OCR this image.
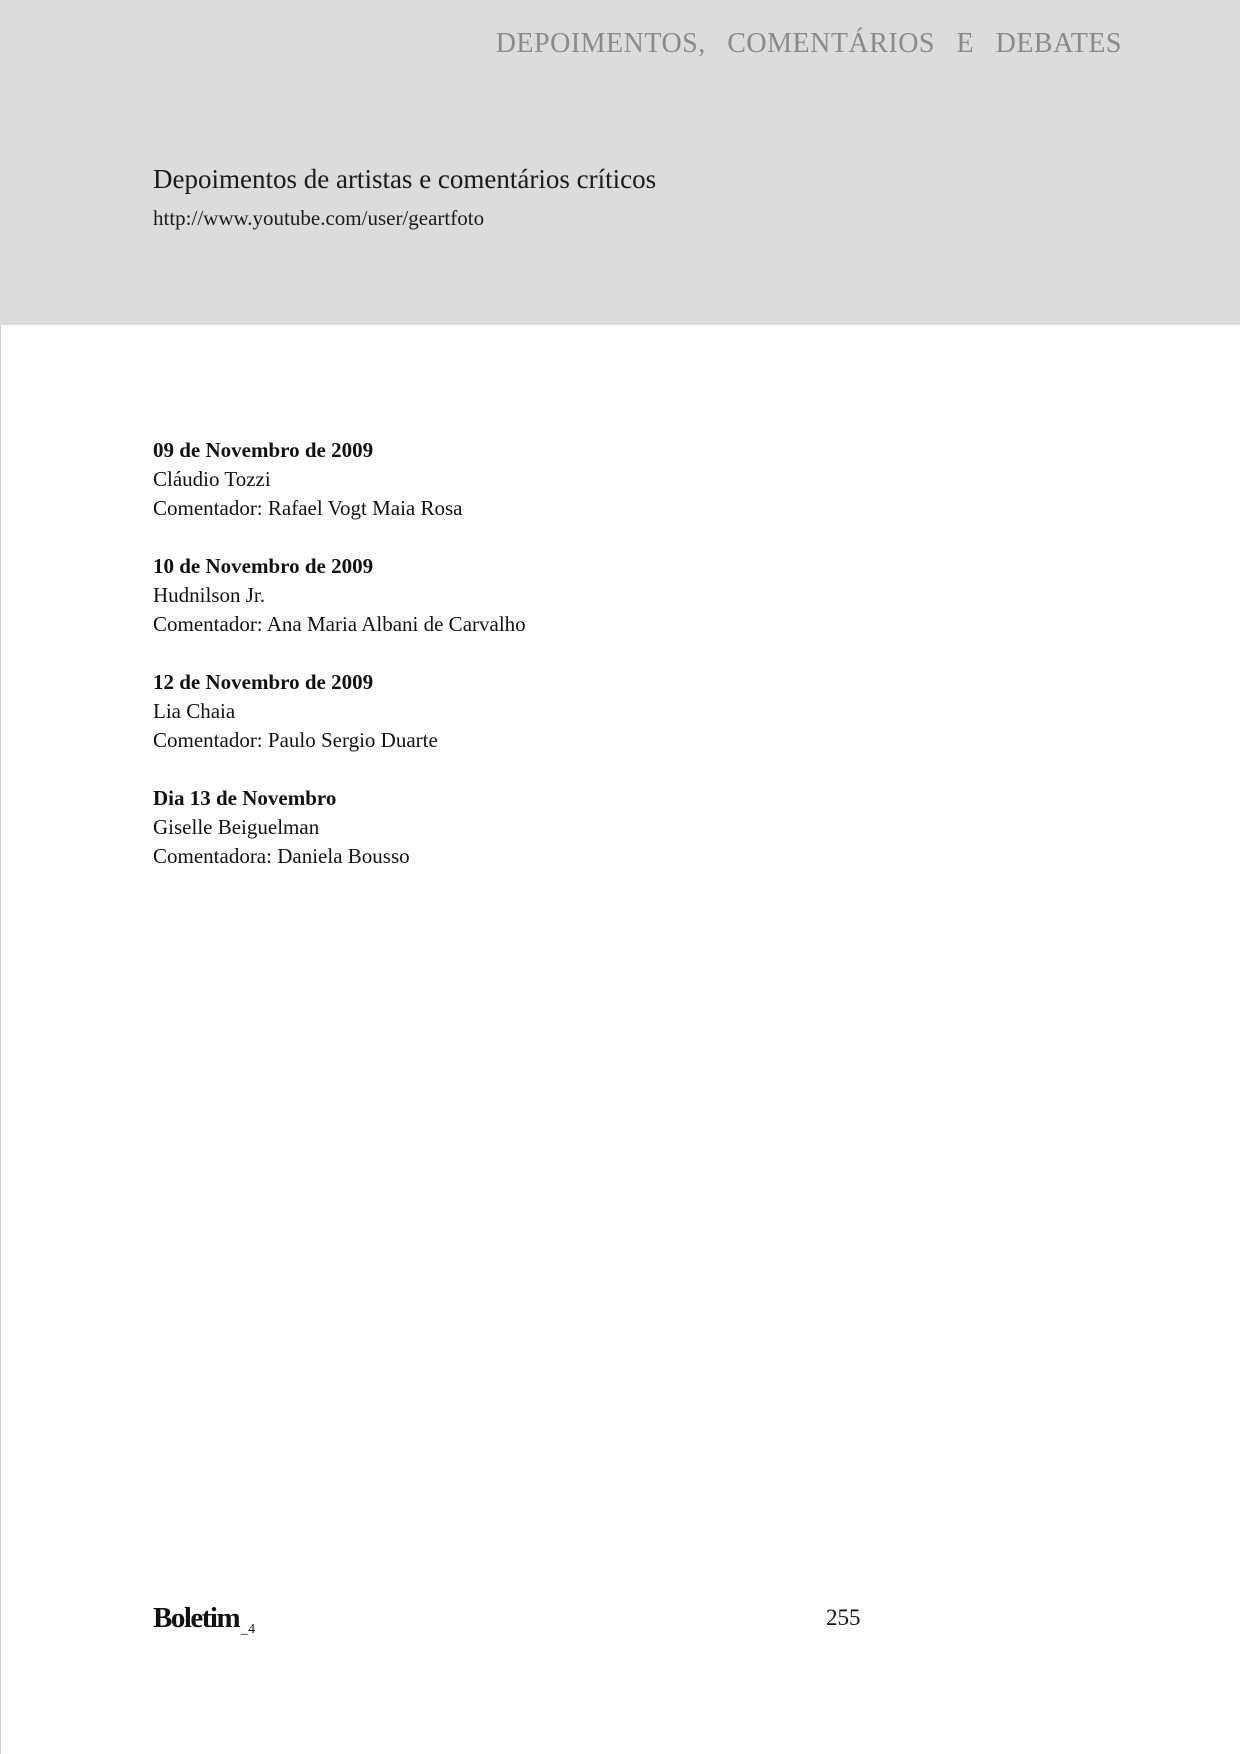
DEPOIMENTOS, COMENTÁRIOS E DEBATES
Depoimentos de artistas e comentários críticos
http://www.youtube.com/user/geartfoto
09 de Novembro de 2009
Cláudio Tozzi
Comentador: Rafael Vogt Maia Rosa
10 de Novembro de 2009
Hudnilson Jr.
Comentador: Ana Maria Albani de Carvalho
12 de Novembro de 2009
Lia Chaia
Comentador: Paulo Sergio Duarte
Dia 13 de Novembro
Giselle Beiguelman
Comentadora: Daniela Bousso
Boletim $_{\_4}$	255
